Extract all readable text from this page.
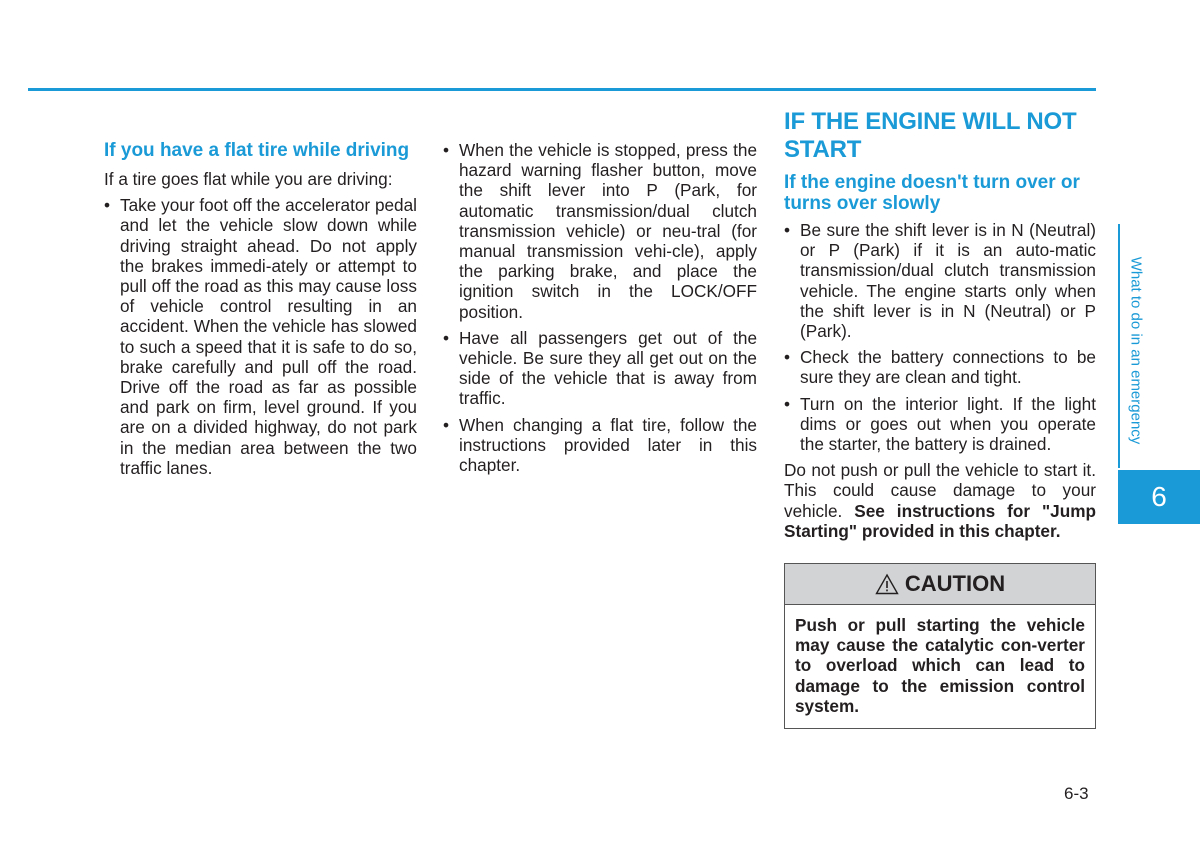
If you have a flat tire while driving

If a tire goes flat while you are driving:

• Take your foot off the accelerator pedal and let the vehicle slow down while driving straight ahead. Do not apply the brakes immedi-ately or attempt to pull off the road as this may cause loss of vehicle control resulting in an accident. When the vehicle has slowed to such a speed that it is safe to do so, brake carefully and pull off the road. Drive off the road as far as possible and park on firm, level ground. If you are on a divided highway, do not park in the median area between the two traffic lanes.
• When the vehicle is stopped, press the hazard warning flasher button, move the shift lever into P (Park, for automatic transmission/dual clutch transmission vehicle) or neu-tral (for manual transmission vehi-cle), apply the parking brake, and place the ignition switch in the LOCK/OFF position.
• Have all passengers get out of the vehicle. Be sure they all get out on the side of the vehicle that is away from traffic.
• When changing a flat tire, follow the instructions provided later in this chapter.
IF THE ENGINE WILL NOT START
If the engine doesn't turn over or turns over slowly
• Be sure the shift lever is in N (Neutral) or P (Park) if it is an auto-matic transmission/dual clutch transmission vehicle. The engine starts only when the shift lever is in N (Neutral) or P (Park).
• Check the battery connections to be sure they are clean and tight.
• Turn on the interior light. If the light dims or goes out when you operate the starter, the battery is drained.

Do not push or pull the vehicle to start it. This could cause damage to your vehicle. See instructions for "Jump Starting" provided in this chapter.

CAUTION
Push or pull starting the vehicle may cause the catalytic con-verter to overload which can lead to damage to the emission control system.
What to do in an emergency
6
6-3
